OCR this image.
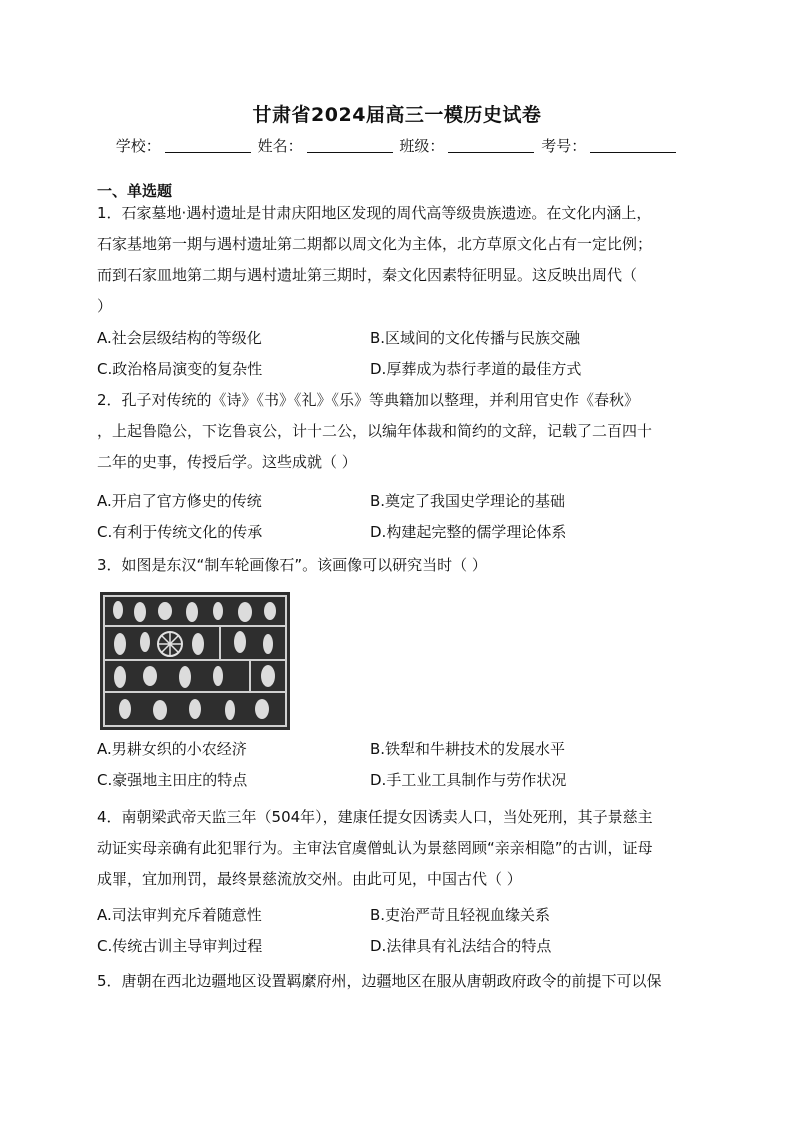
甘肃省2024届高三一模历史试卷
学校：	姓名：	班级：	考号：
一、单选题

1．石家墓地·遇村遗址是甘肃庆阳地区发现的周代高等级贵族遗迹。在文化内涵上，

石家基地第一期与遇村遗址第二期都以周文化为主体，北方草原文化占有一定比例；

而到石家皿地第二期与遇村遗址第三期时，秦文化因素特征明显。这反映出周代（

）

A.社会层级结构的等级化	B.区域间的文化传播与民族交融
C.政治格局演变的复杂性	D.厚葬成为恭行孝道的最佳方式

2．孔子对传统的《诗》《书》《礼》《乐》等典籍加以整理，并利用官史作《春秋》

，上起鲁隐公，下讫鲁哀公，计十二公，以编年体裁和简约的文辞，记载了二百四十

二年的史事，传授后学。这些成就（ ）

A.开启了官方修史的传统	B.奠定了我国史学理论的基础
C.有利于传统文化的传承	D.构建起完整的儒学理论体系

3．如图是东汉“制车轮画像石”。该画像可以研究当时（ ）

A.男耕女织的小农经济	B.铁犁和牛耕技术的发展水平
C.豪强地主田庄的特点	D.手工业工具制作与劳作状况

4．南朝梁武帝天监三年（504年），建康任提女因诱卖人口，当处死刑，其子景慈主

动证实母亲确有此犯罪行为。主审法官虞僧虬认为景慈罔顾“亲亲相隐”的古训，证母

成罪，宜加刑罚，最终景慈流放交州。由此可见，中国古代（ ）

A.司法审判充斥着随意性	B.吏治严苛且轻视血缘关系
C.传统古训主导审判过程	D.法律具有礼法结合的特点

5．唐朝在西北边疆地区设置羁縻府州，边疆地区在服从唐朝政府政令的前提下可以保
